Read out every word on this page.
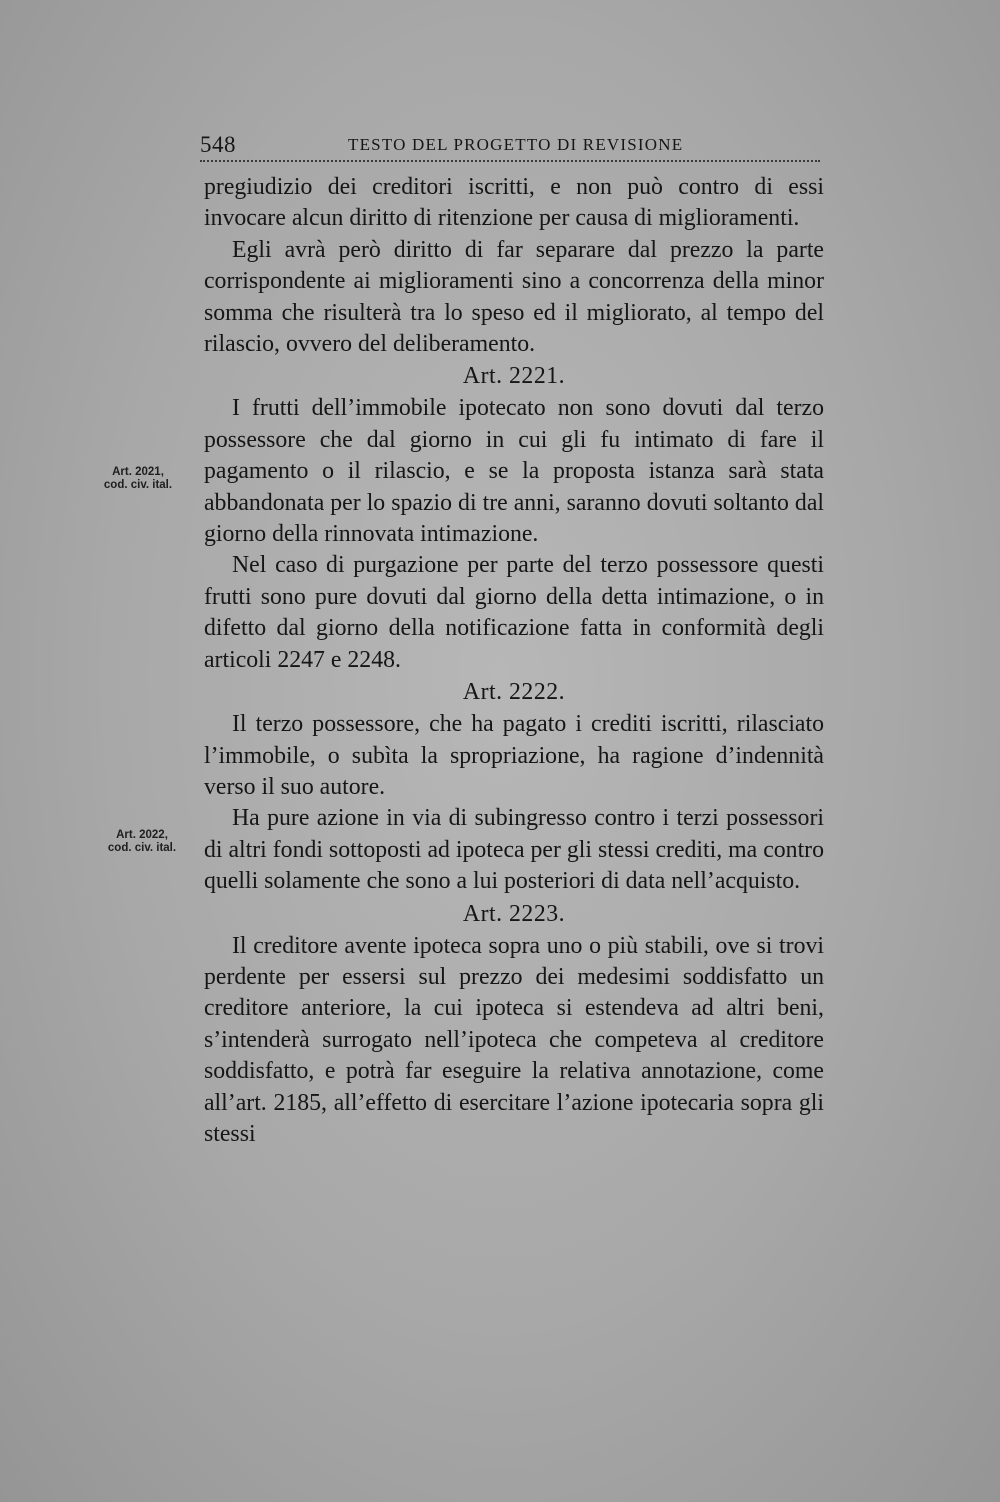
548	TESTO DEL PROGETTO DI REVISIONE
Art. 2021,
cod. civ. ital.
Art. 2022,
cod. civ. ital.

pregiudizio dei creditori iscritti, e non può contro di essi invocare alcun diritto di ritenzione per causa di miglioramenti.

Egli avrà però diritto di far separare dal prezzo la parte corrispondente ai miglioramenti sino a concorrenza della minor somma che risulterà tra lo speso ed il migliorato, al tempo del rilascio, ovvero del deliberamento.

Art. 2221.

I frutti dell’immobile ipotecato non sono dovuti dal terzo possessore che dal giorno in cui gli fu intimato di fare il pagamento o il rilascio, e se la proposta istanza sarà stata abbandonata per lo spazio di tre anni, saranno dovuti soltanto dal giorno della rinnovata intimazione.

Nel caso di purgazione per parte del terzo possessore questi frutti sono pure dovuti dal giorno della detta intimazione, o in difetto dal giorno della notificazione fatta in conformità degli articoli 2247 e 2248.

Art. 2222.

Il terzo possessore, che ha pagato i crediti iscritti, rilasciato l’immobile, o subìta la spropriazione, ha ragione d’indennità verso il suo autore.

Ha pure azione in via di subingresso contro i terzi possessori di altri fondi sottoposti ad ipoteca per gli stessi crediti, ma contro quelli solamente che sono a lui posteriori di data nell’acquisto.

Art. 2223.

Il creditore avente ipoteca sopra uno o più stabili, ove si trovi perdente per essersi sul prezzo dei medesimi soddisfatto un creditore anteriore, la cui ipoteca si estendeva ad altri beni, s’intenderà surrogato nell’ipoteca che competeva al creditore soddisfatto, e potrà far eseguire la relativa annotazione, come all’art. 2185, all’effetto di esercitare l’azione ipotecaria sopra gli stessi
